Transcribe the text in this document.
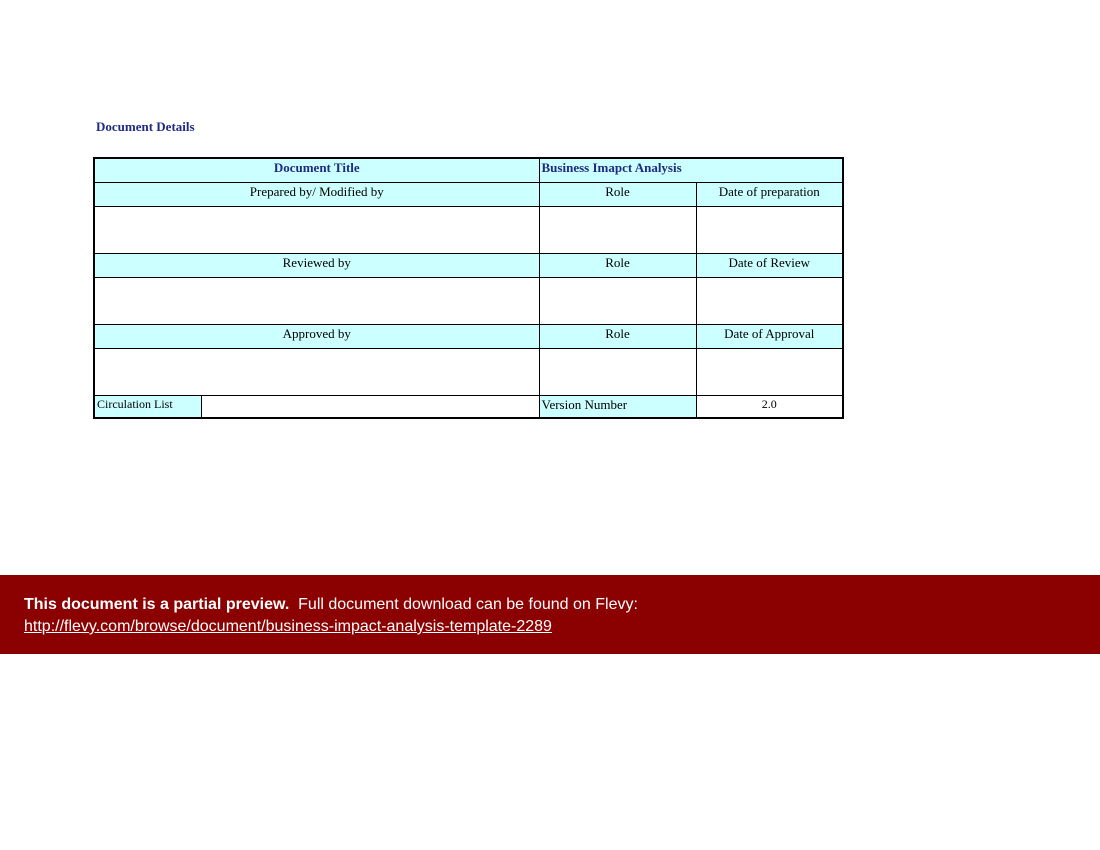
Document Details
Document Title		Business Imapct Analysis	
Prepared by/ Modified by		Role	Date of preparation

Reviewed by		Role	Date of Review

Approved by		Role	Date of Approval

Circulation List		Version Number	2.0
This document is a partial preview. Full document download can be found on Flevy:
http://flevy.com/browse/document/business-impact-analysis-template-2289
